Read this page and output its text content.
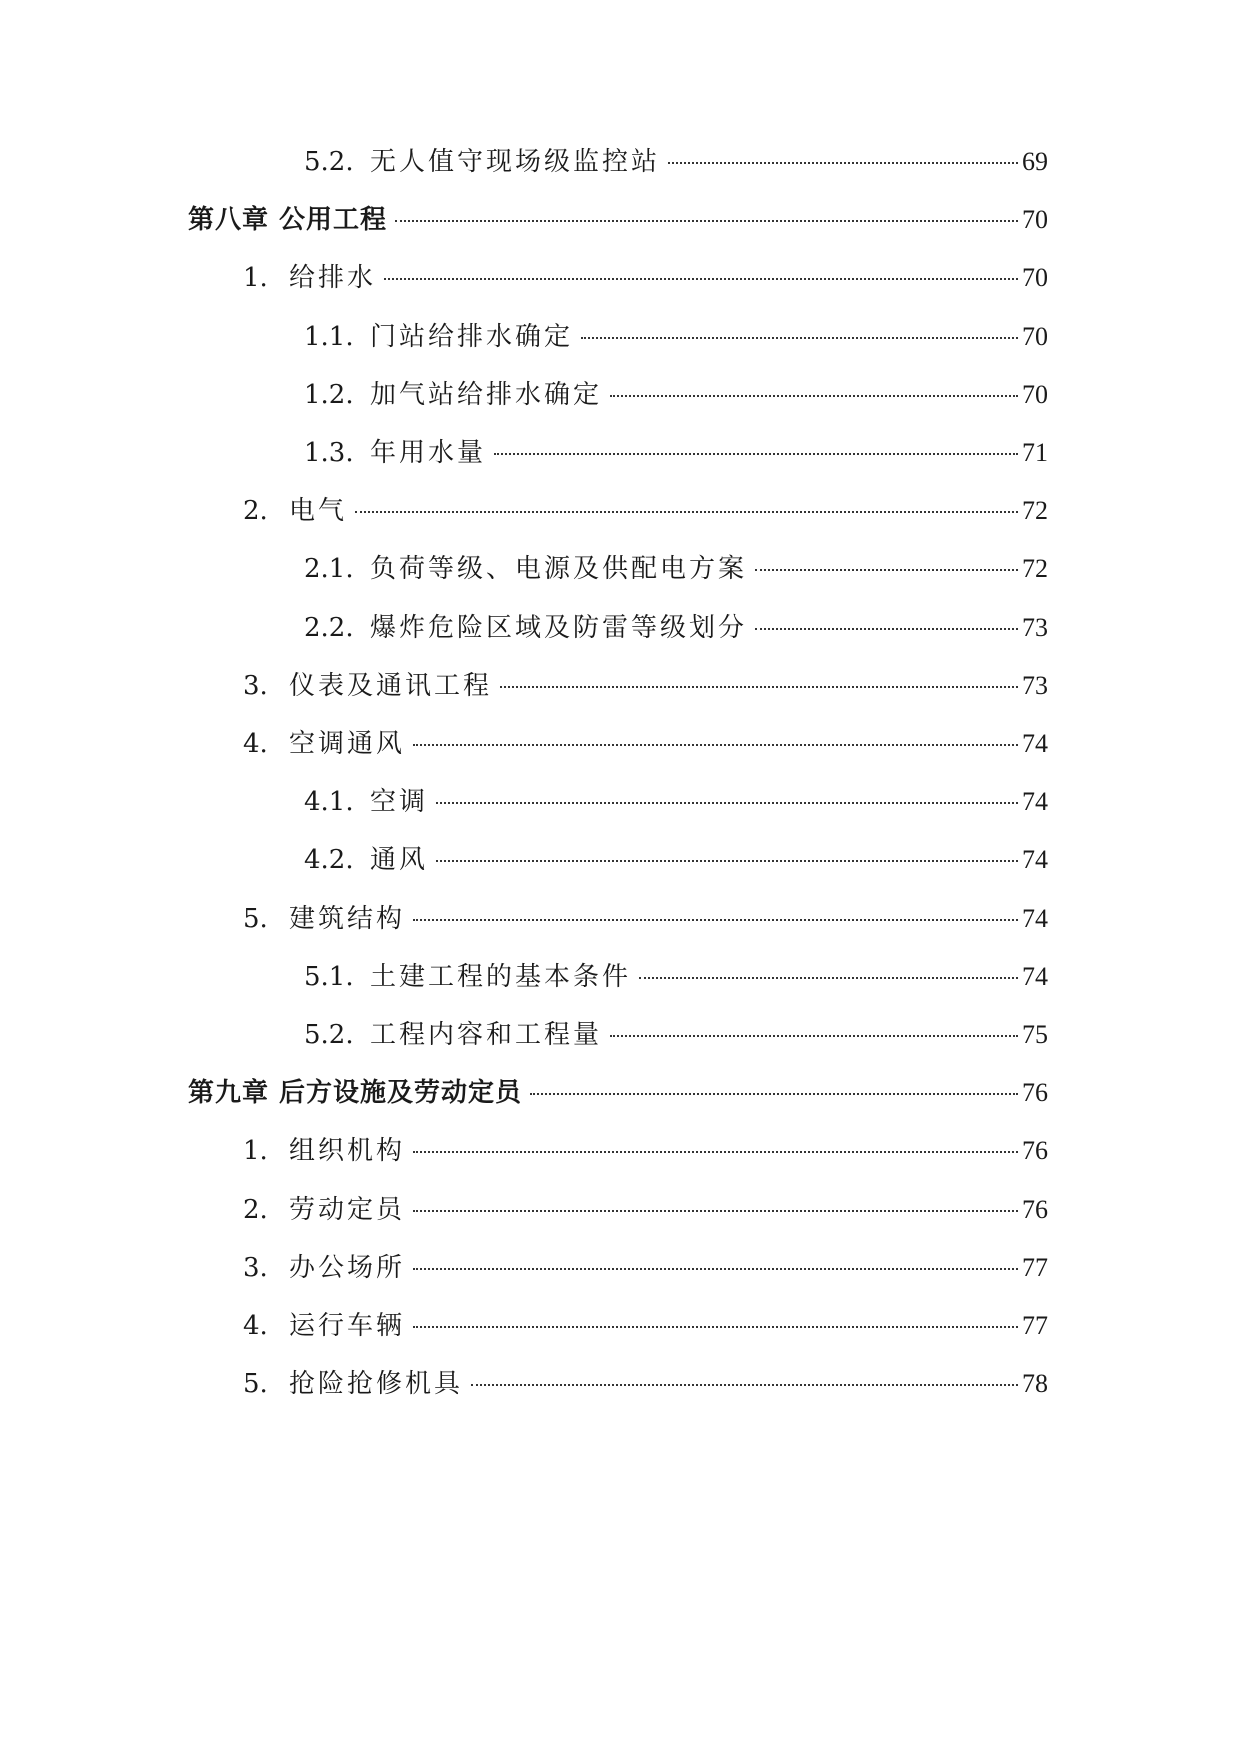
5.2. 无人值守现场级监控站	69
第八章 公用工程	70
1. 给排水	70
1.1. 门站给排水确定	70
1.2. 加气站给排水确定	70
1.3. 年用水量	71
2. 电气	72
2.1. 负荷等级、电源及供配电方案	72
2.2. 爆炸危险区域及防雷等级划分	73
3. 仪表及通讯工程	73
4. 空调通风	74
4.1. 空调	74
4.2. 通风	74
5. 建筑结构	74
5.1. 土建工程的基本条件	74
5.2. 工程内容和工程量	75
第九章 后方设施及劳动定员	76
1. 组织机构	76
2. 劳动定员	76
3. 办公场所	77
4. 运行车辆	77
5. 抢险抢修机具	78
